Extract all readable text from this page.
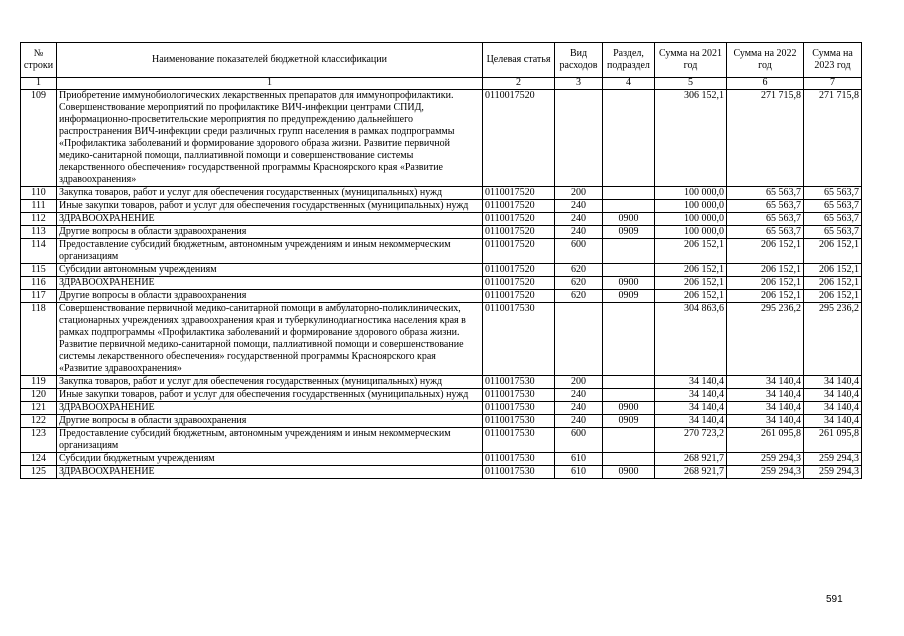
№ строки	Наименование показателей бюджетной классификации	Целевая статья	Вид расходов	Раздел, подраздел	Сумма на 2021 год	Сумма на 2022 год	Сумма на 2023 год
1	1	2	3	4	5	6	7
109	Приобретение иммунобиологических лекарственных препаратов для иммунопрофилактики. Совершенствование мероприятий по профилактике ВИЧ-инфекции центрами СПИД, информационно-просветительские мероприятия по предупреждению дальнейшего распространения ВИЧ-инфекции среди различных групп населения в рамках подпрограммы «Профилактика заболеваний и формирование здорового образа жизни. Развитие первичной медико-санитарной помощи, паллиативной помощи и совершенствование системы лекарственного обеспечения» государственной программы Красноярского края «Развитие здравоохранения»	0110017520			306 152,1	271 715,8	271 715,8
110	Закупка товаров, работ и услуг для обеспечения государственных (муниципальных) нужд	0110017520	200		100 000,0	65 563,7	65 563,7
111	Иные закупки товаров, работ и услуг для обеспечения государственных (муниципальных) нужд	0110017520	240		100 000,0	65 563,7	65 563,7
112	ЗДРАВООХРАНЕНИЕ	0110017520	240	0900	100 000,0	65 563,7	65 563,7
113	Другие вопросы в области здравоохранения	0110017520	240	0909	100 000,0	65 563,7	65 563,7
114	Предоставление субсидий бюджетным, автономным учреждениям и иным некоммерческим организациям	0110017520	600		206 152,1	206 152,1	206 152,1
115	Субсидии автономным учреждениям	0110017520	620		206 152,1	206 152,1	206 152,1
116	ЗДРАВООХРАНЕНИЕ	0110017520	620	0900	206 152,1	206 152,1	206 152,1
117	Другие вопросы в области здравоохранения	0110017520	620	0909	206 152,1	206 152,1	206 152,1
118	Совершенствование первичной медико-санитарной помощи в амбулаторно-поликлинических, стационарных учреждениях здравоохранения края и туберкулинодиагностика населения края в рамках подпрограммы «Профилактика заболеваний и формирование здорового образа жизни. Развитие первичной медико-санитарной помощи, паллиативной помощи и совершенствование системы лекарственного обеспечения» государственной программы Красноярского края «Развитие здравоохранения»	0110017530			304 863,6	295 236,2	295 236,2
119	Закупка товаров, работ и услуг для обеспечения государственных (муниципальных) нужд	0110017530	200		34 140,4	34 140,4	34 140,4
120	Иные закупки товаров, работ и услуг для обеспечения государственных (муниципальных) нужд	0110017530	240		34 140,4	34 140,4	34 140,4
121	ЗДРАВООХРАНЕНИЕ	0110017530	240	0900	34 140,4	34 140,4	34 140,4
122	Другие вопросы в области здравоохранения	0110017530	240	0909	34 140,4	34 140,4	34 140,4
123	Предоставление субсидий бюджетным, автономным учреждениям и иным некоммерческим организациям	0110017530	600		270 723,2	261 095,8	261 095,8
124	Субсидии бюджетным учреждениям	0110017530	610		268 921,7	259 294,3	259 294,3
125	ЗДРАВООХРАНЕНИЕ	0110017530	610	0900	268 921,7	259 294,3	259 294,3
591
